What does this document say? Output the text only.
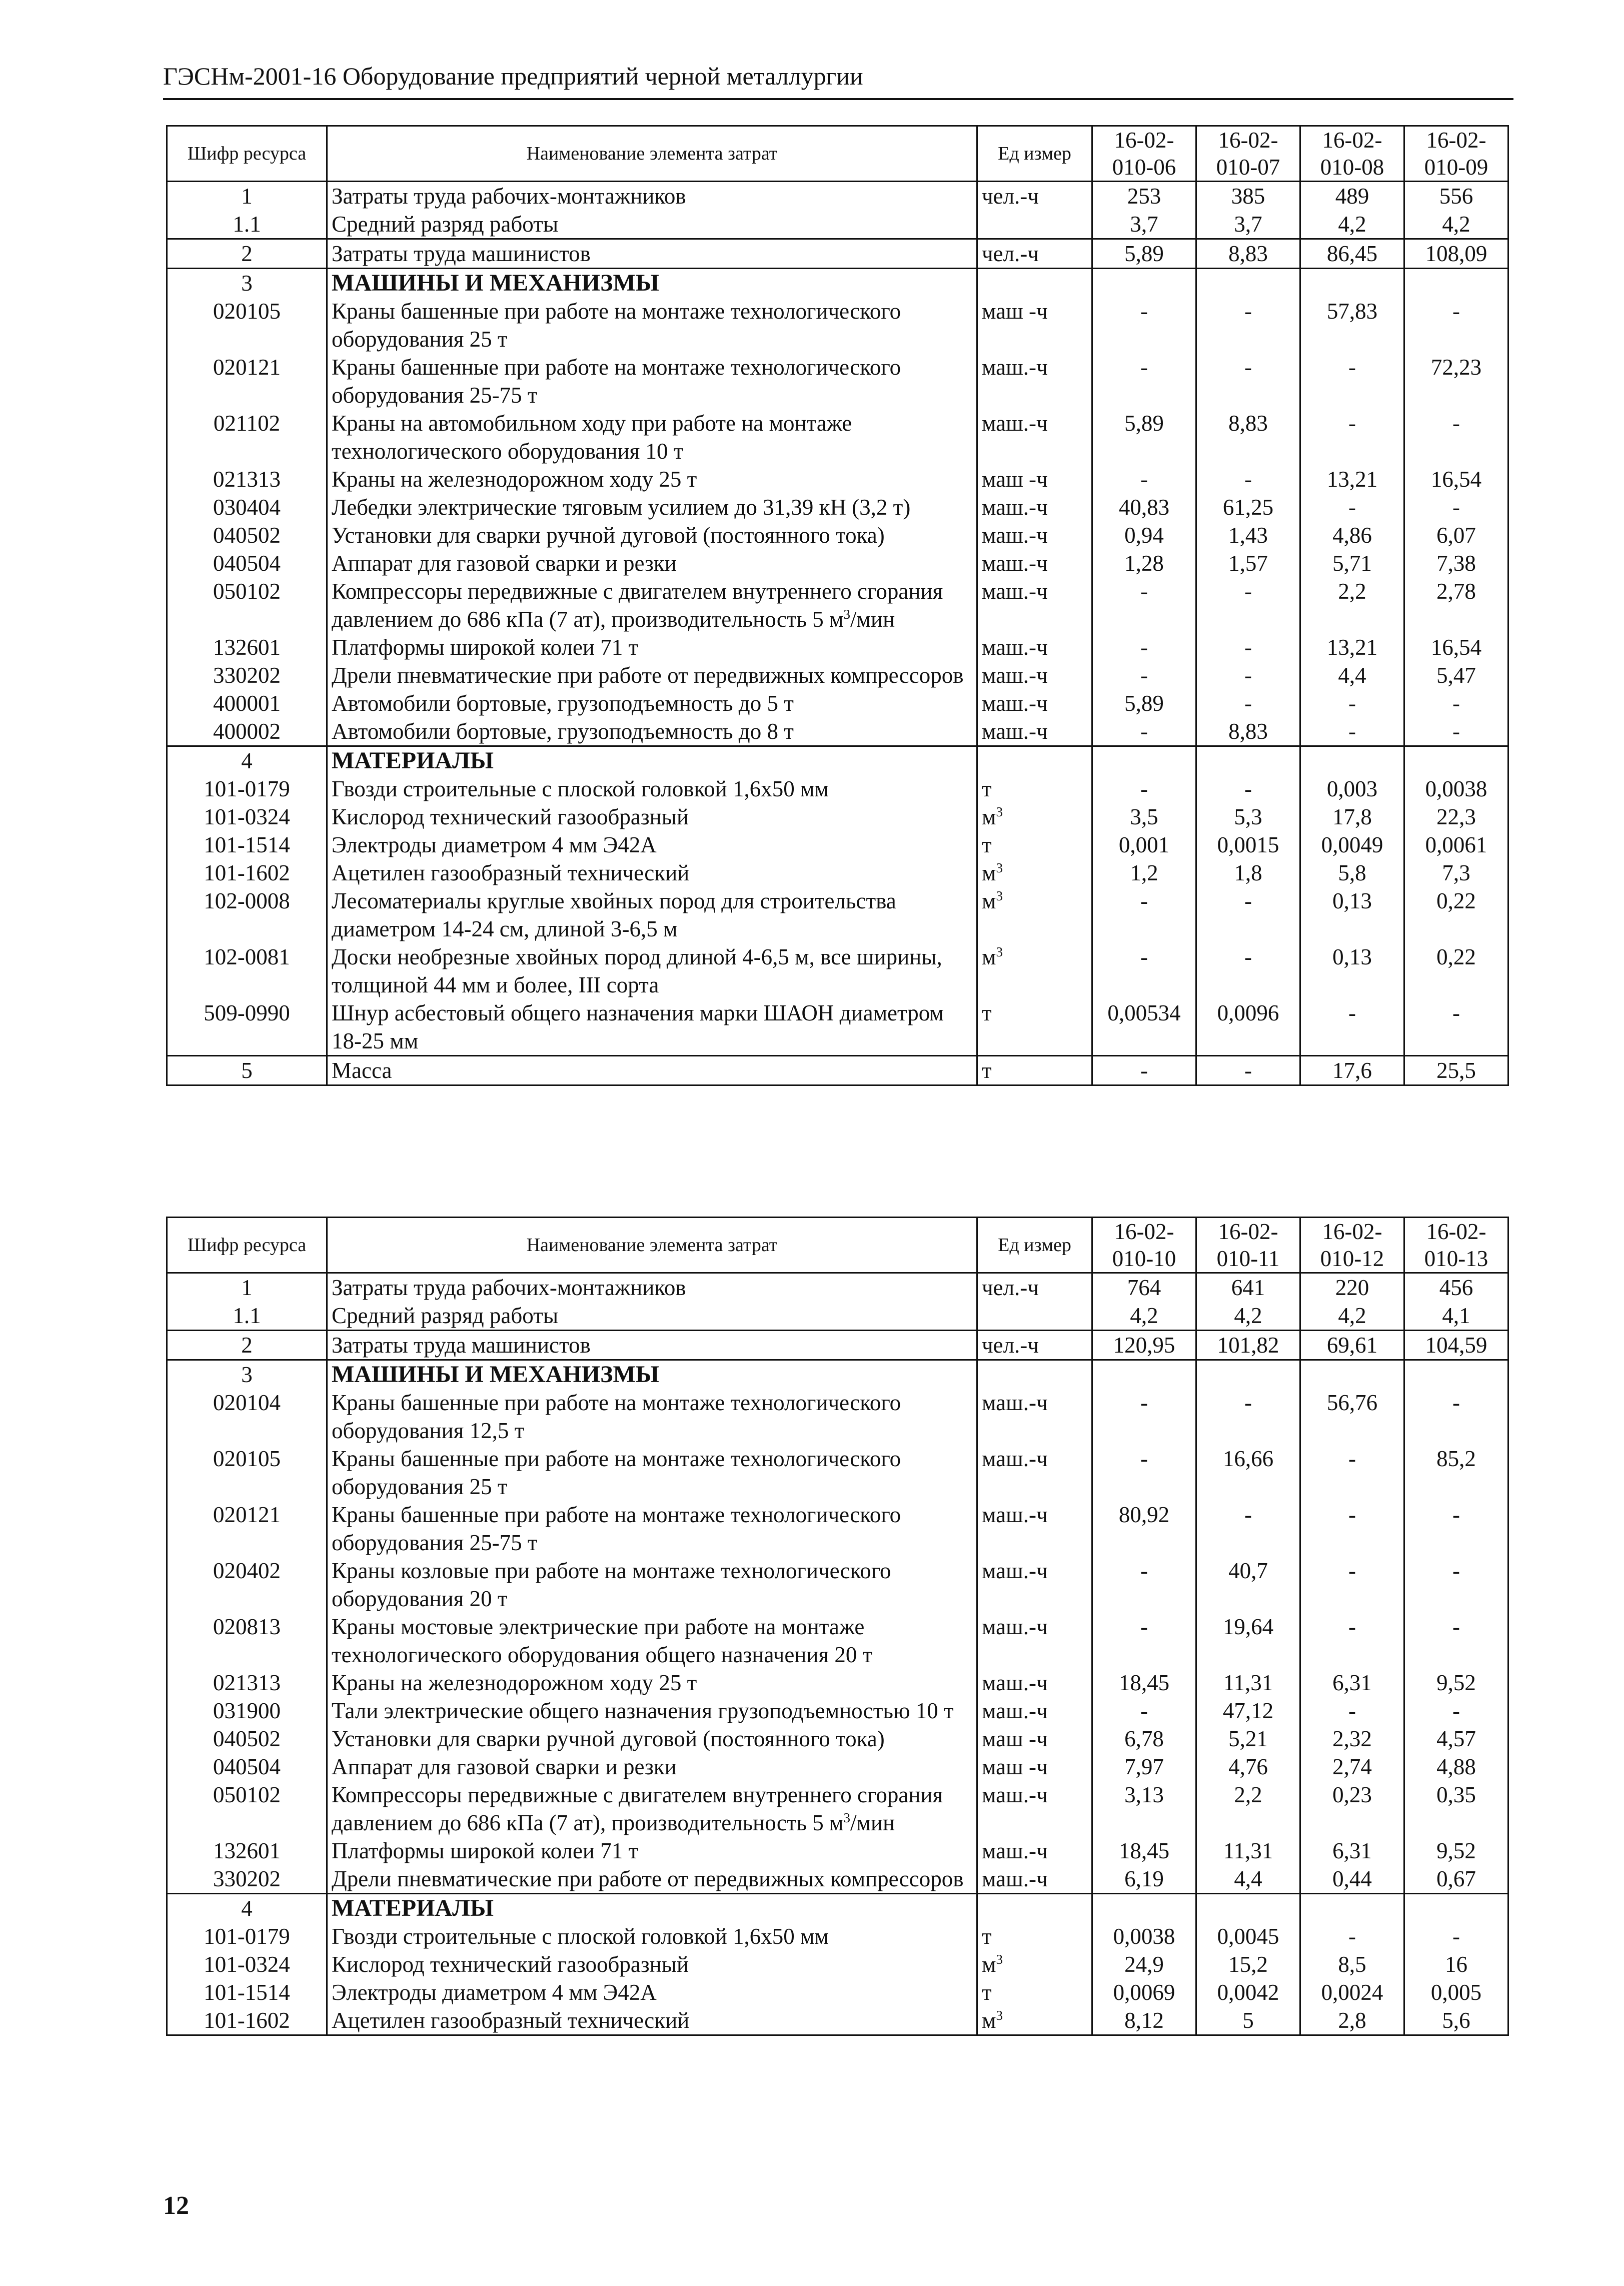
ГЭСНм-2001-16 Оборудование предприятий черной металлургии
Шифр ресурса	Наименование элемента затрат	Ед измер	16-02-010-06	16-02-010-07	16-02-010-08	16-02-010-09
1	Затраты труда рабочих-монтажников	чел.-ч	253	385	489	556
1.1	Средний разряд работы		3,7	3,7	4,2	4,2
2	Затраты труда машинистов	чел.-ч	5,89	8,83	86,45	108,09
3	МАШИНЫ И МЕХАНИЗМЫ					
020105	Краны башенные при работе на монтаже технологического оборудования 25 т	маш -ч	-	-	57,83	-
020121	Краны башенные при работе на монтаже технологического оборудования 25-75 т	маш.-ч	-	-	-	72,23
021102	Краны на автомобильном ходу при работе на монтаже технологического оборудования 10 т	маш.-ч	5,89	8,83	-	-
021313	Краны на железнодорожном ходу 25 т	маш -ч	-	-	13,21	16,54
030404	Лебедки электрические тяговым усилием до 31,39 кН (3,2 т)	маш.-ч	40,83	61,25	-	-
040502	Установки для сварки ручной дуговой (постоянного тока)	маш.-ч	0,94	1,43	4,86	6,07
040504	Аппарат для газовой сварки и резки	маш.-ч	1,28	1,57	5,71	7,38
050102	Компрессоры передвижные с двигателем внутреннего сгорания давлением до 686 кПа (7 ат), производительность 5 $м^3$/мин	маш.-ч	-	-	2,2	2,78
132601	Платформы широкой колеи 71 т	маш.-ч	-	-	13,21	16,54
330202	Дрели пневматические при работе от передвижных компрессоров	маш.-ч	-	-	4,4	5,47
400001	Автомобили бортовые, грузоподъемность до 5 т	маш.-ч	5,89	-	-	-
400002	Автомобили бортовые, грузоподъемность до 8 т	маш.-ч	-	8,83	-	-
4	МАТЕРИАЛЫ					
101-0179	Гвозди строительные с плоской головкой 1,6x50 мм	т	-	-	0,003	0,0038
101-0324	Кислород технический газообразный	$м^3$	3,5	5,3	17,8	22,3
101-1514	Электроды диаметром 4 мм Э42А	т	0,001	0,0015	0,0049	0,0061
101-1602	Ацетилен газообразный технический	$м^3$	1,2	1,8	5,8	7,3
102-0008	Лесоматериалы круглые хвойных пород для строительства диаметром 14-24 см, длиной 3-6,5 м	$м^3$	-	-	0,13	0,22
102-0081	Доски необрезные хвойных пород длиной 4-6,5 м, все ширины, толщиной 44 мм и более, III сорта	$м^3$	-	-	0,13	0,22
509-0990	Шнур асбестовый общего назначения марки ШАОН диаметром 18-25 мм	т	0,00534	0,0096	-	-
5	Масса	т	-	-	17,6	25,5
Шифр ресурса	Наименование элемента затрат	Ед измер	16-02-010-10	16-02-010-11	16-02-010-12	16-02-010-13
1	Затраты труда рабочих-монтажников	чел.-ч	764	641	220	456
1.1	Средний разряд работы		4,2	4,2	4,2	4,1
2	Затраты труда машинистов	чел.-ч	120,95	101,82	69,61	104,59
3	МАШИНЫ И МЕХАНИЗМЫ					
020104	Краны башенные при работе на монтаже технологического оборудования 12,5 т	маш.-ч	-	-	56,76	-
020105	Краны башенные при работе на монтаже технологического оборудования 25 т	маш.-ч	-	16,66	-	85,2
020121	Краны башенные при работе на монтаже технологического оборудования 25-75 т	маш.-ч	80,92	-	-	-
020402	Краны козловые при работе на монтаже технологического оборудования 20 т	маш.-ч	-	40,7	-	-
020813	Краны мостовые электрические при работе на монтаже технологического оборудования общего назначения 20 т	маш.-ч	-	19,64	-	-
021313	Краны на железнодорожном ходу 25 т	маш.-ч	18,45	11,31	6,31	9,52
031900	Тали электрические общего назначения грузоподъемностью 10 т	маш.-ч	-	47,12	-	-
040502	Установки для сварки ручной дуговой (постоянного тока)	маш -ч	6,78	5,21	2,32	4,57
040504	Аппарат для газовой сварки и резки	маш -ч	7,97	4,76	2,74	4,88
050102	Компрессоры передвижные с двигателем внутреннего сгорания давлением до 686 кПа (7 ат), производительность 5 $м^3$/мин	маш.-ч	3,13	2,2	0,23	0,35
132601	Платформы широкой колеи 71 т	маш.-ч	18,45	11,31	6,31	9,52
330202	Дрели пневматические при работе от передвижных компрессоров	маш.-ч	6,19	4,4	0,44	0,67
4	МАТЕРИАЛЫ					
101-0179	Гвозди строительные с плоской головкой 1,6x50 мм	т	0,0038	0,0045	-	-
101-0324	Кислород технический газообразный	$м^3$	24,9	15,2	8,5	16
101-1514	Электроды диаметром 4 мм Э42А	т	0,0069	0,0042	0,0024	0,005
101-1602	Ацетилен газообразный технический	$м^3$	8,12	5	2,8	5,6
12
